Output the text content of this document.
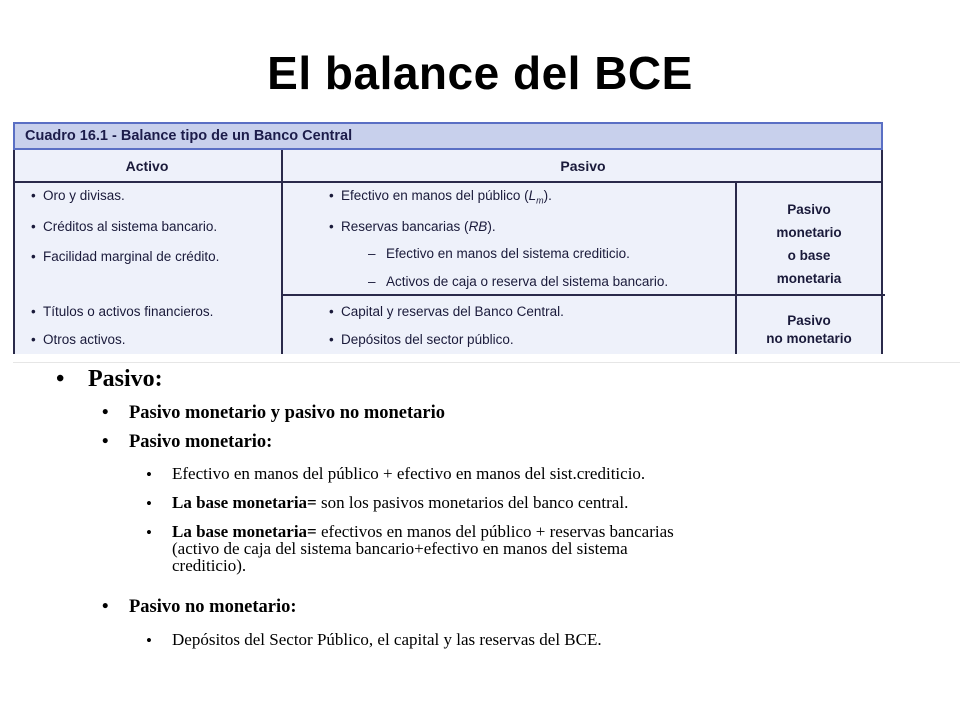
El balance del BCE
Cuadro 16.1 - Balance tipo de un Banco Central
Activo	Pasivo
• Oro y divisas.
• Créditos al sistema bancario.
• Facilidad marginal de crédito.
• Títulos o activos financieros.
• Otros activos.
• Efectivo en manos del público $(L_m)$.
• Reservas bancarias (RB).
– Efectivo en manos del sistema crediticio.
– Activos de caja o reserva del sistema bancario.
• Capital y reservas del Banco Central.
• Depósitos del sector público.
Pasivo
monetario
o base
monetaria
Pasivo
no monetario
• Pasivo:
• Pasivo monetario y pasivo no monetario
• Pasivo monetario:
• Efectivo en manos del público + efectivo en manos del sist.crediticio.
• La base monetaria= son los pasivos monetarios del banco central.
• La base monetaria= efectivos en manos del público + reservas bancarias
(activo de caja del sistema bancario+efectivo en manos del sistema
crediticio).
• Pasivo no monetario:
• Depósitos del Sector Público, el capital y las reservas del BCE.
